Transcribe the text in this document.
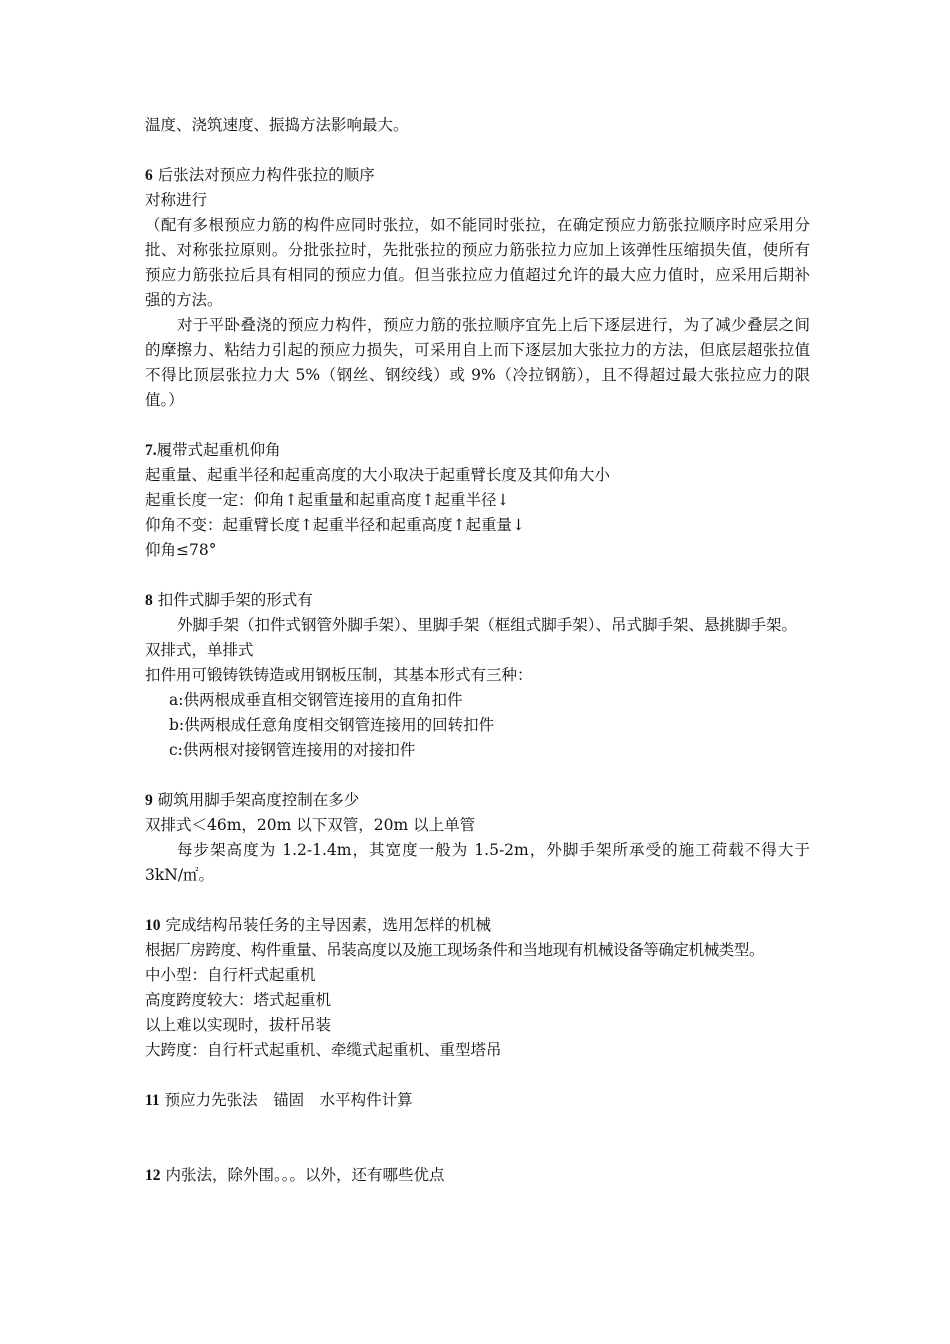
温度、浇筑速度、振捣方法影响最大。

6 后张法对预应力构件张拉的顺序

对称进行

（配有多根预应力筋的构件应同时张拉，如不能同时张拉，在确定预应力筋张拉顺序时应采用分批、对称张拉原则。分批张拉时，先批张拉的预应力筋张拉力应加上该弹性压缩损失值，使所有预应力筋张拉后具有相同的预应力值。但当张拉应力值超过允许的最大应力值时，应采用后期补强的方法。

对于平卧叠浇的预应力构件，预应力筋的张拉顺序宜先上后下逐层进行，为了减少叠层之间的摩擦力、粘结力引起的预应力损失，可采用自上而下逐层加大张拉力的方法，但底层超张拉值不得比顶层张拉力大 5%（钢丝、钢绞线）或 9%（冷拉钢筋），且不得超过最大张拉应力的限值。）

7.履带式起重机仰角

起重量、起重半径和起重高度的大小取决于起重臂长度及其仰角大小

起重长度一定：仰角↑起重量和起重高度↑起重半径↓

仰角不变：起重臂长度↑起重半径和起重高度↑起重量↓

仰角≤78°

8 扣件式脚手架的形式有

外脚手架（扣件式钢管外脚手架）、里脚手架（框组式脚手架）、吊式脚手架、悬挑脚手架。

双排式，单排式

扣件用可锻铸铁铸造或用钢板压制，其基本形式有三种：

a:供两根成垂直相交钢管连接用的直角扣件

b:供两根成任意角度相交钢管连接用的回转扣件

c:供两根对接钢管连接用的对接扣件

9 砌筑用脚手架高度控制在多少

双排式＜46m，20m 以下双管，20m 以上单管

每步架高度为 1.2-1.4m，其宽度一般为 1.5-2m，外脚手架所承受的施工荷载不得大于 3kN/㎡。

10 完成结构吊装任务的主导因素，选用怎样的机械

根据厂房跨度、构件重量、吊装高度以及施工现场条件和当地现有机械设备等确定机械类型。

中小型：自行杆式起重机

高度跨度较大：塔式起重机

以上难以实现时，拔杆吊装

大跨度：自行杆式起重机、牵缆式起重机、重型塔吊

11 预应力先张法　锚固　水平构件计算

12 内张法，除外围。。。以外，还有哪些优点
